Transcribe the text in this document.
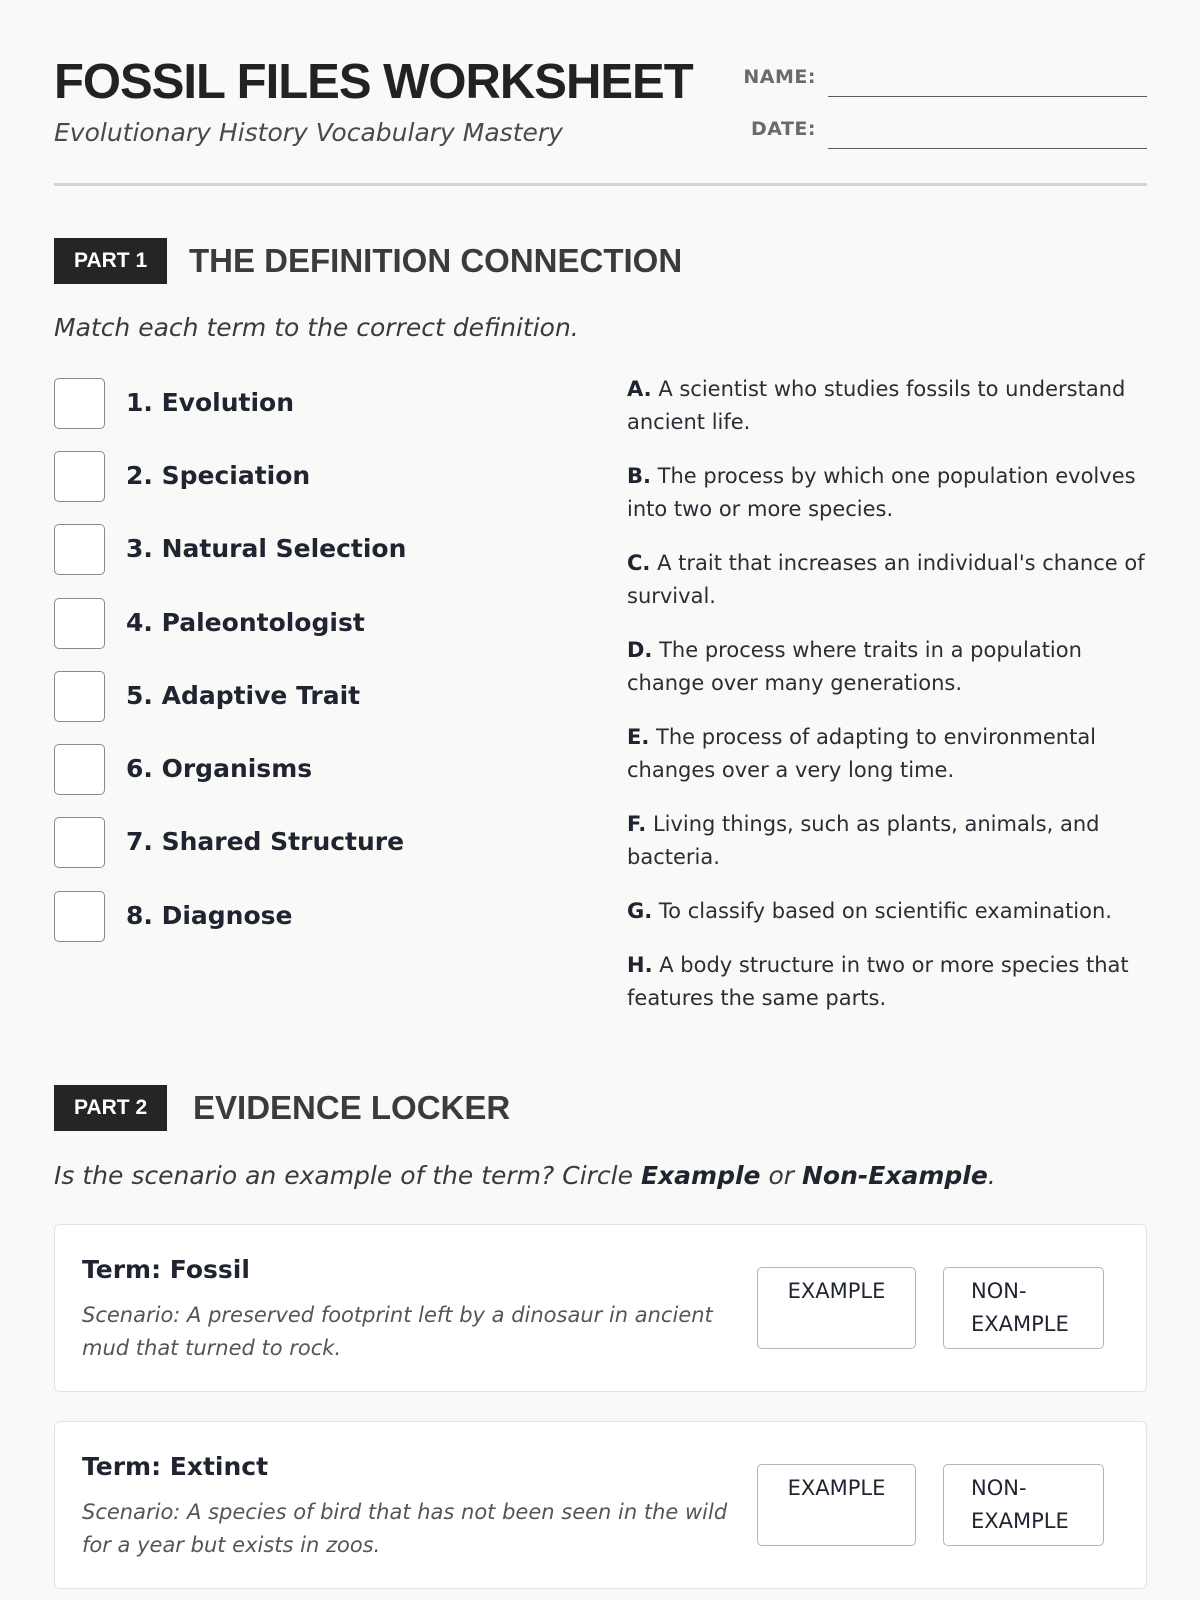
FOSSIL FILES WORKSHEET
Evolutionary History Vocabulary Mastery
NAME:
DATE:
PART 1	THE DEFINITION CONNECTION
Match each term to the correct definition.
1. Evolution
2. Speciation
3. Natural Selection
4. Paleontologist
5. Adaptive Trait
6. Organisms
7. Shared Structure
8. Diagnose
A. A scientist who studies fossils to understand ancient life.
B. The process by which one population evolves into two or more species.
C. A trait that increases an individual's chance of survival.
D. The process where traits in a population change over many generations.
E. The process of adapting to environmental changes over a very long time.
F. Living things, such as plants, animals, and bacteria.
G. To classify based on scientific examination.
H. A body structure in two or more species that features the same parts.
PART 2	EVIDENCE LOCKER
Is the scenario an example of the term? Circle Example or Non-Example.
Term: Fossil
Scenario: A preserved footprint left by a dinosaur in ancient mud that turned to rock.
EXAMPLE	NON-
EXAMPLE
Term: Extinct
Scenario: A species of bird that has not been seen in the wild for a year but exists in zoos.
EXAMPLE	NON-
EXAMPLE
